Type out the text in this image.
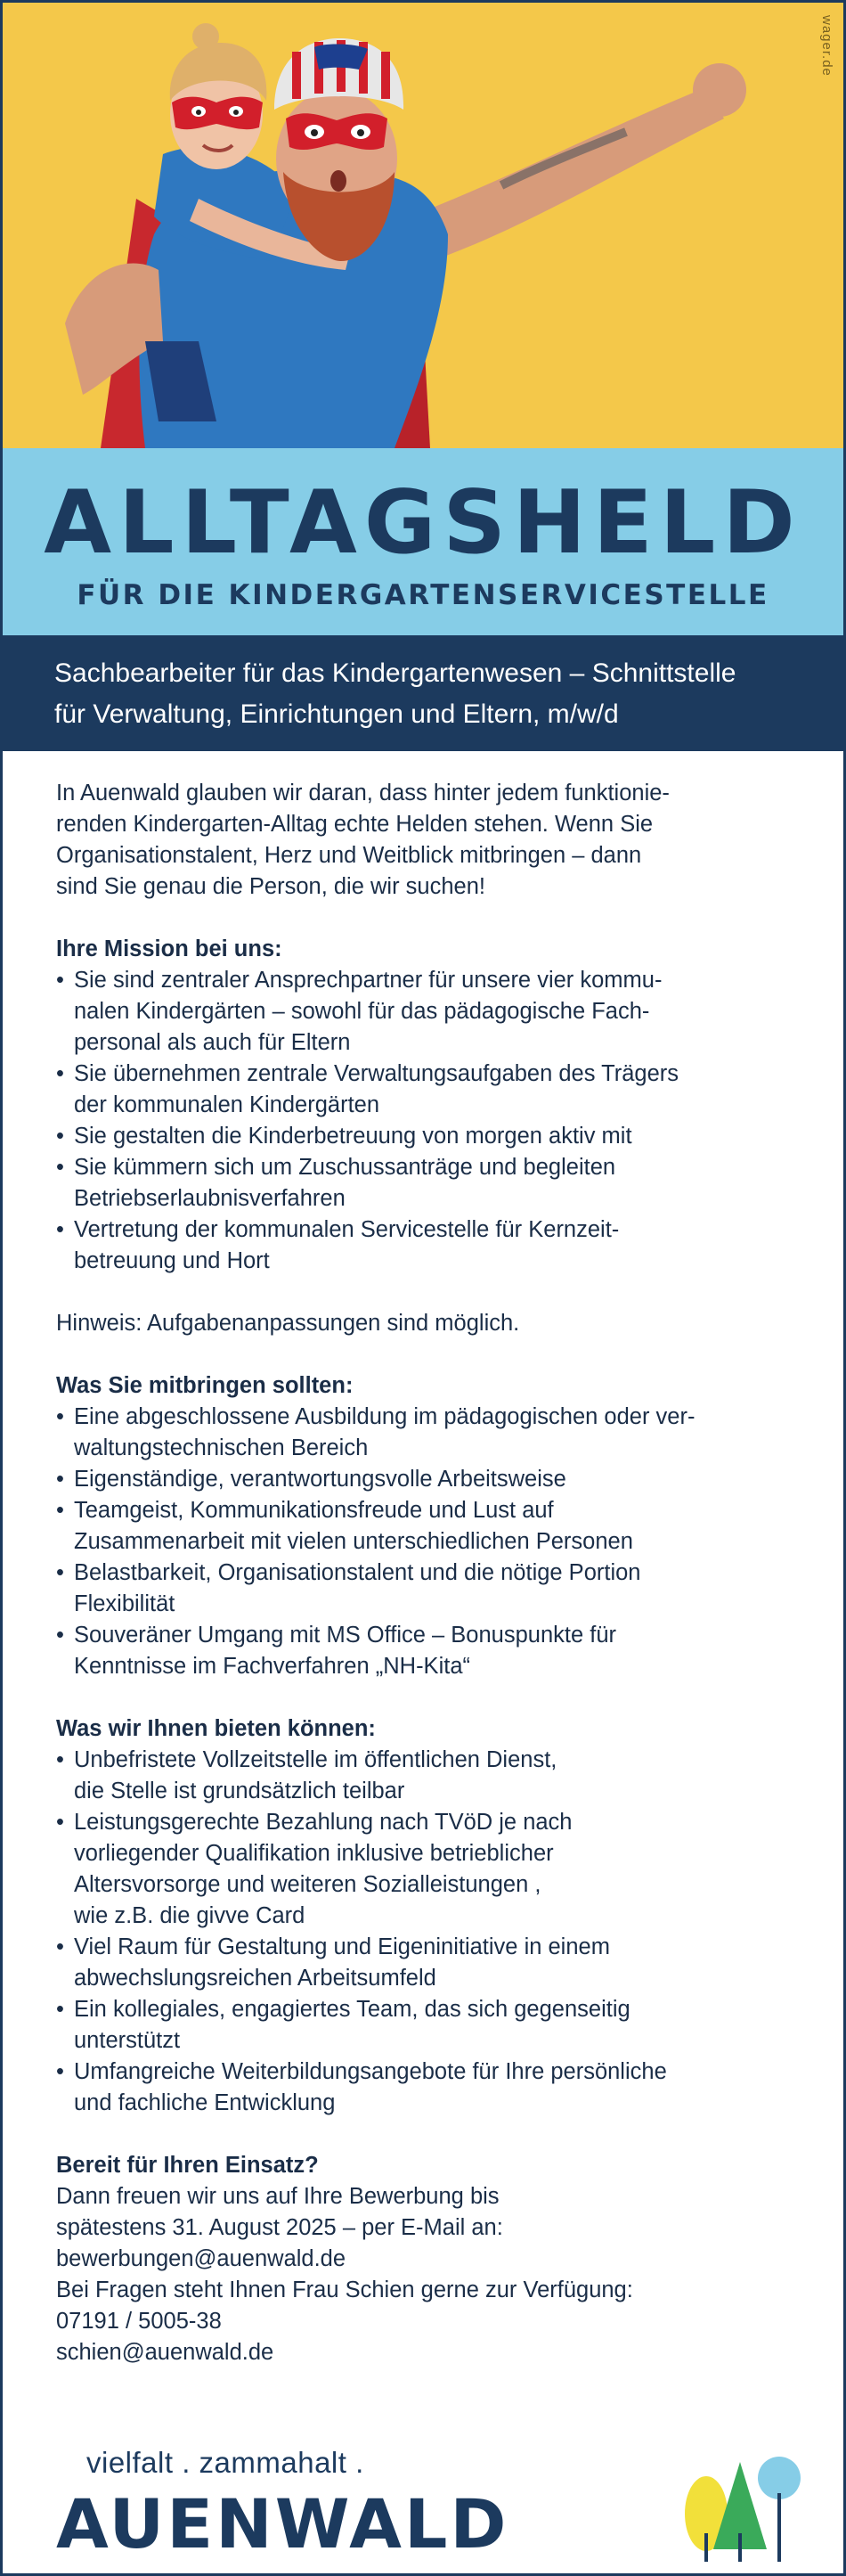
wager.de
ALLTAGSHELD
FÜR DIE KINDERGARTENSERVICESTELLE

Sachbearbeiter für das Kindergartenwesen – Schnittstelle
für Verwaltung, Einrichtungen und Eltern, m/w/d

In Auenwald glauben wir daran, dass hinter jedem funktionie-
renden Kindergarten-Alltag echte Helden stehen. Wenn Sie
Organisationstalent, Herz und Weitblick mitbringen – dann
sind Sie genau die Person, die wir suchen!

Ihre Mission bei uns:
• Sie sind zentraler Ansprechpartner für unsere vier kommu-
nalen Kindergärten – sowohl für das pädagogische Fach-
personal als auch für Eltern
• Sie übernehmen zentrale Verwaltungsaufgaben des Trägers
der kommunalen Kindergärten
• Sie gestalten die Kinderbetreuung von morgen aktiv mit
• Sie kümmern sich um Zuschussanträge und begleiten
Betriebserlaubnisverfahren
• Vertretung der kommunalen Servicestelle für Kernzeit-
betreuung und Hort

Hinweis: Aufgabenanpassungen sind möglich.

Was Sie mitbringen sollten:
• Eine abgeschlossene Ausbildung im pädagogischen oder ver-
waltungstechnischen Bereich
• Eigenständige, verantwortungsvolle Arbeitsweise
• Teamgeist, Kommunikationsfreude und Lust auf
Zusammenarbeit mit vielen unterschiedlichen Personen
• Belastbarkeit, Organisationstalent und die nötige Portion
Flexibilität
• Souveräner Umgang mit MS Office – Bonuspunkte für
Kenntnisse im Fachverfahren „NH-Kita“
Was wir Ihnen bieten können:
• Unbefristete Vollzeitstelle im öffentlichen Dienst,
die Stelle ist grundsätzlich teilbar
• Leistungsgerechte Bezahlung nach TVöD je nach
vorliegender Qualifikation inklusive betrieblicher
Altersvorsorge und weiteren Sozialleistungen ,
wie z.B. die givve Card
• Viel Raum für Gestaltung und Eigeninitiative in einem
abwechslungsreichen Arbeitsumfeld
• Ein kollegiales, engagiertes Team, das sich gegenseitig
unterstützt
• Umfangreiche Weiterbildungsangebote für Ihre persönliche
und fachliche Entwicklung
Bereit für Ihren Einsatz?

Dann freuen wir uns auf Ihre Bewerbung bis
spätestens 31. August 2025 – per E-Mail an:
bewerbungen@auenwald.de
Bei Fragen steht Ihnen Frau Schien gerne zur Verfügung:
07191 / 5005-38
schien@auenwald.de

vielfalt . zammahalt .
AUENWALD
